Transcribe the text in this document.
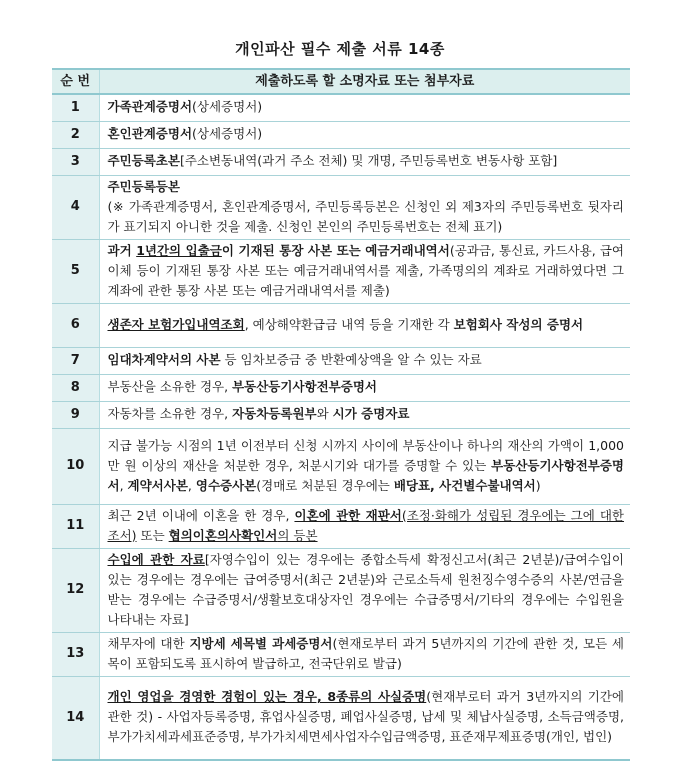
개인파산 필수 제출 서류 14종
순 번	제출하도록 할 소명자료 또는 첨부자료
1	가족관계증명서(상세증명서)
2	혼인관계증명서(상세증명서)
3	주민등록초본[주소변동내역(과거 주소 전체) 및 개명, 주민등록번호 변동사항 포함]
4	주민등록등본
(※ 가족관계증명서, 혼인관계증명서, 주민등록등본은 신청인 외 제3자의 주민등록번호 뒷자리가 표기되지 아니한 것을 제출. 신청인 본인의 주민등록번호는 전체 표기)
5	과거 1년간의 입출금이 기재된 통장 사본 또는 예금거래내역서(공과금, 통신료, 카드사용, 급여이체 등이 기재된 통장 사본 또는 예금거래내역서를 제출, 가족명의의 계좌로 거래하였다면 그 계좌에 관한 통장 사본 또는 예금거래내역서를 제출)
6	생존자 보험가입내역조회, 예상해약환급금 내역 등을 기재한 각 보험회사 작성의 증명서
7	임대차계약서의 사본 등 임차보증금 중 반환예상액을 알 수 있는 자료
8	부동산을 소유한 경우, 부동산등기사항전부증명서
9	자동차를 소유한 경우, 자동차등록원부와 시가 증명자료
10	지급 불가능 시점의 1년 이전부터 신청 시까지 사이에 부동산이나 하나의 재산의 가액이 1,000만 원 이상의 재산을 처분한 경우, 처분시기와 대가를 증명할 수 있는 부동산등기사항전부증명서, 계약서사본, 영수증사본(경매로 처분된 경우에는 배당표, 사건별수불내역서)
11	최근 2년 이내에 이혼을 한 경우, 이혼에 관한 재판서(조정·화해가 성립된 경우에는 그에 대한 조서) 또는 협의이혼의사확인서의 등본
12	수입에 관한 자료[자영수입이 있는 경우에는 종합소득세 확정신고서(최근 2년분)/급여수입이 있는 경우에는 경우에는 급여증명서(최근 2년분)와 근로소득세 원천징수영수증의 사본/연금을 받는 경우에는 수급증명서/생활보호대상자인 경우에는 수급증명서/기타의 경우에는 수입원을 나타내는 자료]
13	채무자에 대한 지방세 세목별 과세증명서(현재로부터 과거 5년까지의 기간에 관한 것, 모든 세목이 포함되도록 표시하여 발급하고, 전국단위로 발급)
14	개인 영업을 경영한 경험이 있는 경우, 8종류의 사실증명(현재부로터 과거 3년까지의 기간에 관한 것) - 사업자등록증명, 휴업사실증명, 폐업사실증명, 납세 및 체납사실증명, 소득금액증명, 부가가치세과세표준증명, 부가가치세면세사업자수입금액증명, 표준재무제표증명(개인, 법인)
